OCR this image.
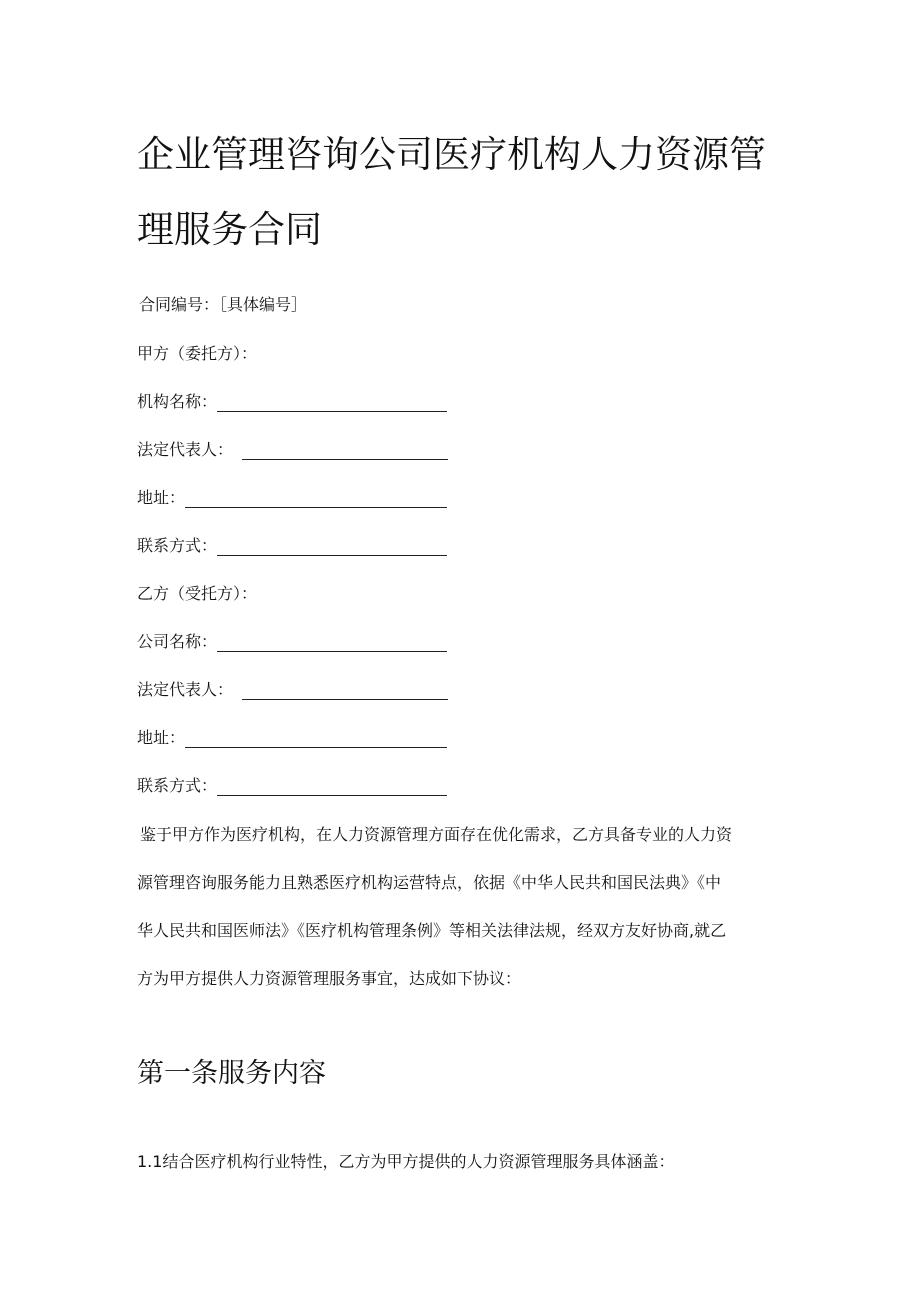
企业管理咨询公司医疗机构人力资源管
理服务合同
合同编号：［具体编号］
甲方（委托方）：
机构名称：
法定代表人：
地址：
联系方式：
乙方（受托方）：
公司名称：
法定代表人：
地址：
联系方式：

鉴于甲方作为医疗机构，在人力资源管理方面存在优化需求，乙方具备专业的人力资

源管理咨询服务能力且熟悉医疗机构运营特点，依据《中华人民共和国民法典》《中

华人民共和国医师法》《医疗机构管理条例》等相关法律法规，经双方友好协商,就乙

方为甲方提供人力资源管理服务事宜，达成如下协议：

第一条服务内容
1.1结合医疗机构行业特性，乙方为甲方提供的人力资源管理服务具体涵盖：
